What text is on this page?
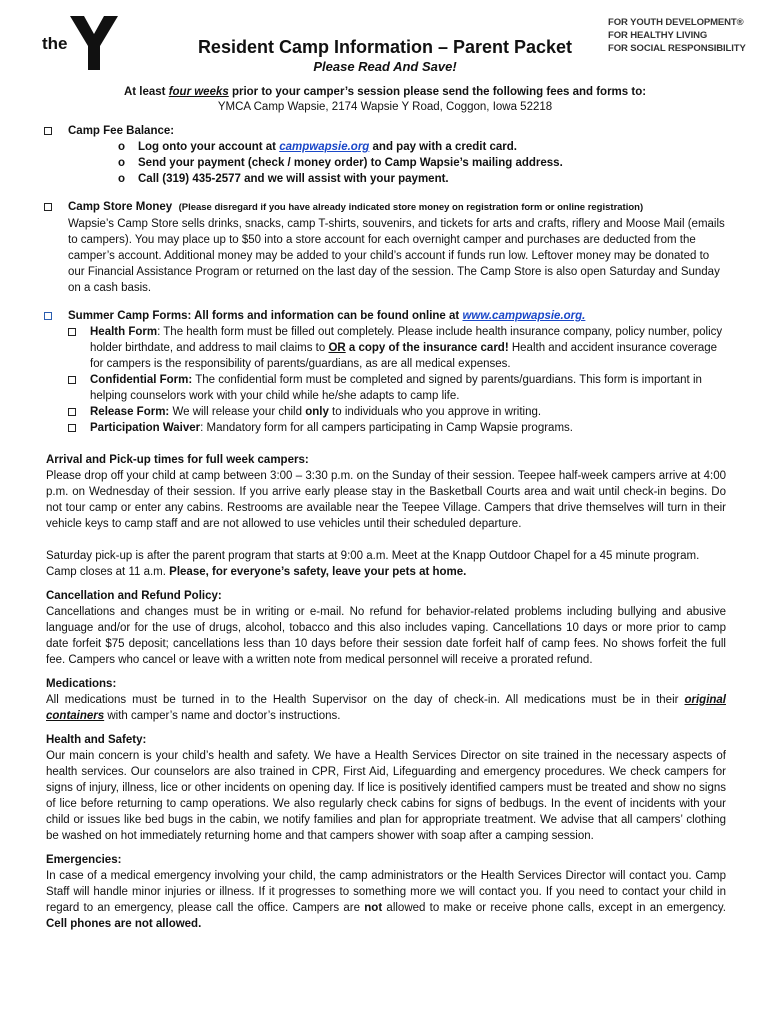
the
FOR YOUTH DEVELOPMENT®
FOR HEALTHY LIVING
FOR SOCIAL RESPONSIBILITY
Resident Camp Information – Parent Packet
Please Read And Save!
At least four weeks prior to your camper’s session please send the following fees and forms to:
YMCA Camp Wapsie, 2174 Wapsie Y Road, Coggon, Iowa 52218
Camp Fee Balance:
o Log onto your account at campwapsie.org and pay with a credit card.
o Send your payment (check / money order) to Camp Wapsie’s mailing address.
o Call (319) 435-2577 and we will assist with your payment.
Camp Store Money (Please disregard if you have already indicated store money on registration form or online registration)

Wapsie’s Camp Store sells drinks, snacks, camp T-shirts, souvenirs, and tickets for arts and crafts, riflery and Moose Mail (emails to campers). You may place up to $50 into a store account for each overnight camper and purchases are deducted from the camper’s account. Additional money may be added to your child’s account if funds run low. Leftover money may be donated to our Financial Assistance Program or returned on the last day of the session. The Camp Store is also open Saturday and Sunday on a cash basis.

Summer Camp Forms: All forms and information can be found online at www.campwapsie.org.
Health Form: The health form must be filled out completely. Please include health insurance company, policy number, policy holder birthdate, and address to mail claims to OR a copy of the insurance card! Health and accident insurance coverage for campers is the responsibility of parents/guardians, as are all medical expenses.
Confidential Form: The confidential form must be completed and signed by parents/guardians. This form is important in helping counselors work with your child while he/she adapts to camp life.
Release Form: We will release your child only to individuals who you approve in writing.
Participation Waiver: Mandatory form for all campers participating in Camp Wapsie programs.
Arrival and Pick-up times for full week campers:

Please drop off your child at camp between 3:00 – 3:30 p.m. on the Sunday of their session. Teepee half-week campers arrive at 4:00 p.m. on Wednesday of their session. If you arrive early please stay in the Basketball Courts area and wait until check-in begins. Do not tour camp or enter any cabins. Restrooms are available near the Teepee Village. Campers that drive themselves will turn in their vehicle keys to camp staff and are not allowed to use vehicles until their scheduled departure.

Saturday pick-up is after the parent program that starts at 9:00 a.m. Meet at the Knapp Outdoor Chapel for a 45 minute program. Camp closes at 11 a.m. Please, for everyone’s safety, leave your pets at home.

Cancellation and Refund Policy:

Cancellations and changes must be in writing or e-mail. No refund for behavior-related problems including bullying and abusive language and/or for the use of drugs, alcohol, tobacco and this also includes vaping. Cancellations 10 days or more prior to camp date forfeit $75 deposit; cancellations less than 10 days before their session date forfeit half of camp fees. No shows forfeit the full fee. Campers who cancel or leave with a written note from medical personnel will receive a prorated refund.

Medications:

All medications must be turned in to the Health Supervisor on the day of check-in. All medications must be in their original containers with camper’s name and doctor’s instructions.

Health and Safety:

Our main concern is your child’s health and safety. We have a Health Services Director on site trained in the necessary aspects of health services. Our counselors are also trained in CPR, First Aid, Lifeguarding and emergency procedures. We check campers for signs of injury, illness, lice or other incidents on opening day. If lice is positively identified campers must be treated and show no signs of lice before returning to camp operations. We also regularly check cabins for signs of bedbugs. In the event of incidents with your child or issues like bed bugs in the cabin, we notify families and plan for appropriate treatment. We advise that all campers’ clothing be washed on hot immediately returning home and that campers shower with soap after a camping session.

Emergencies:

In case of a medical emergency involving your child, the camp administrators or the Health Services Director will contact you. Camp Staff will handle minor injuries or illness. If it progresses to something more we will contact you. If you need to contact your child in regard to an emergency, please call the office. Campers are not allowed to make or receive phone calls, except in an emergency. Cell phones are not allowed.
